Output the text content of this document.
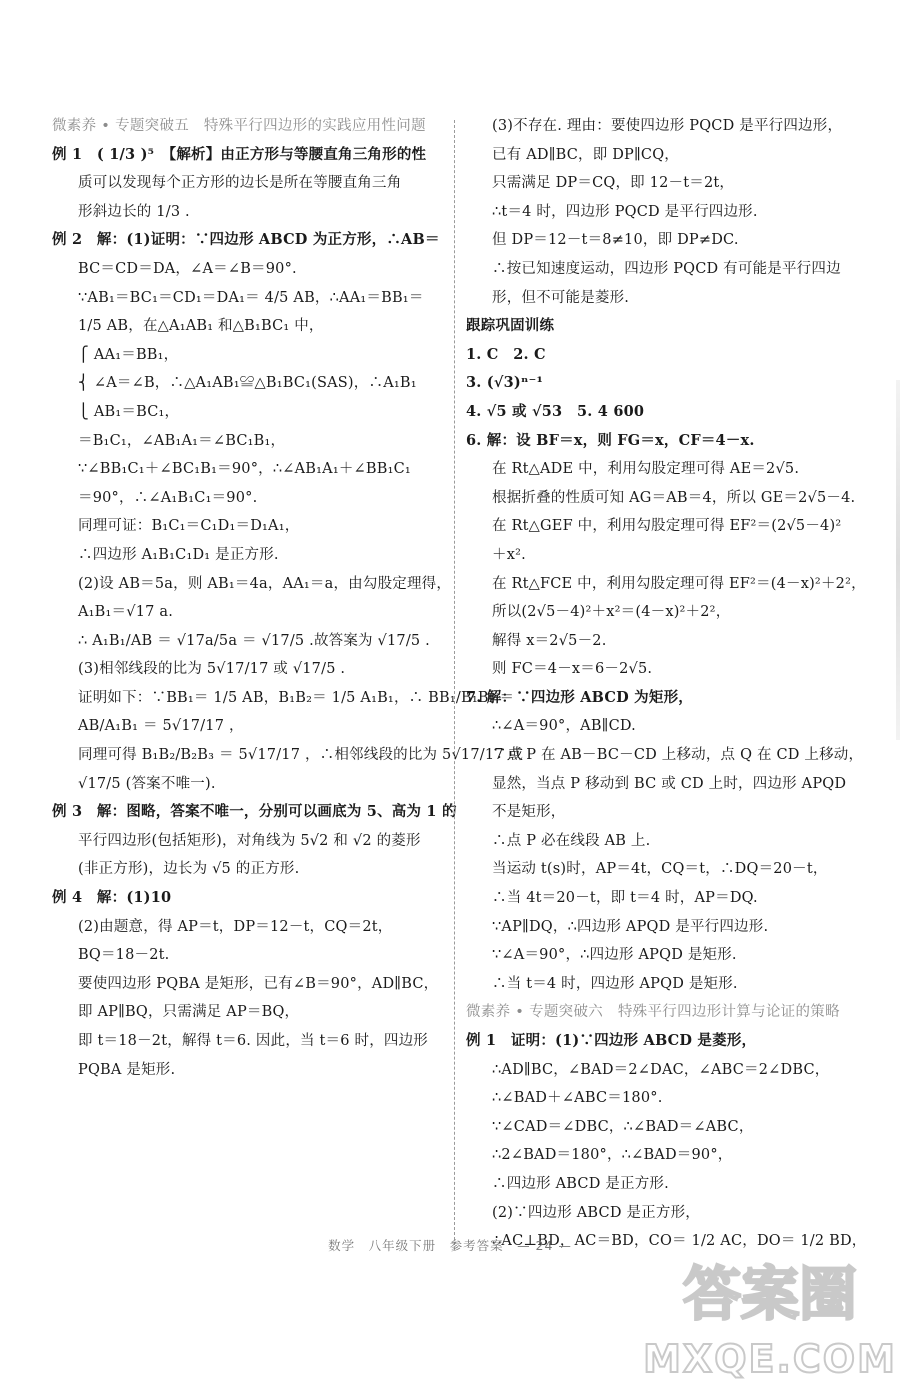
微素养 • 专题突破五　特殊平行四边形的实践应用性问题
例 1　( 1/3 )⁵　【解析】由正方形与等腰直角三角形的性
质可以发现每个正方形的边长是所在等腰直角三角
形斜边长的 1/3 .
例 2　解：(1)证明：∵四边形 ABCD 为正方形，∴AB＝
BC＝CD＝DA，∠A＝∠B＝90°.
∵AB₁＝BC₁＝CD₁＝DA₁＝ 4/5 AB，∴AA₁＝BB₁＝
1/5 AB，在△A₁AB₁ 和△B₁BC₁ 中，
⎧ AA₁＝BB₁，
⎨ ∠A＝∠B，∴△A₁AB₁≌△B₁BC₁(SAS)，∴A₁B₁
⎩ AB₁＝BC₁，
＝B₁C₁，∠AB₁A₁＝∠BC₁B₁，
∵∠BB₁C₁＋∠BC₁B₁＝90°，∴∠AB₁A₁＋∠BB₁C₁
＝90°，∴∠A₁B₁C₁＝90°.
同理可证：B₁C₁＝C₁D₁＝D₁A₁，
∴四边形 A₁B₁C₁D₁ 是正方形.
(2)设 AB＝5a，则 AB₁＝4a，AA₁＝a，由勾股定理得，
A₁B₁＝√17 a.
∴ A₁B₁/AB ＝ √17a/5a ＝ √17/5 .故答案为 √17/5 .
(3)相邻线段的比为 5√17/17 或 √17/5 .
证明如下：∵BB₁＝ 1/5 AB，B₁B₂＝ 1/5 A₁B₁，∴ BB₁/B₁B₂ ＝
AB/A₁B₁ ＝ 5√17/17 ，
同理可得 B₁B₂/B₂B₃ ＝ 5√17/17 ，∴相邻线段的比为 5√17/17 或
√17/5 (答案不唯一).
例 3　解：图略，答案不唯一，分别可以画底为 5、高为 1 的
平行四边形(包括矩形)，对角线为 5√2 和 √2 的菱形
(非正方形)，边长为 √5 的正方形.
例 4　解：(1)10
(2)由题意，得 AP＝t，DP＝12－t，CQ＝2t，
BQ＝18－2t.
要使四边形 PQBA 是矩形，已有∠B＝90°，AD∥BC，
即 AP∥BQ，只需满足 AP＝BQ，
即 t＝18－2t，解得 t＝6. 因此，当 t＝6 时，四边形
PQBA 是矩形.
(3)不存在. 理由：要使四边形 PQCD 是平行四边形，
已有 AD∥BC，即 DP∥CQ，
只需满足 DP＝CQ，即 12－t＝2t，
∴t＝4 时，四边形 PQCD 是平行四边形.
但 DP＝12－t＝8≠10，即 DP≠DC.
∴按已知速度运动，四边形 PQCD 有可能是平行四边
形，但不可能是菱形.
跟踪巩固训练
1. C　2. C
3. (√3)ⁿ⁻¹
4. √5 或 √53　5. 4 600
6. 解：设 BF＝x，则 FG＝x，CF＝4－x.
在 Rt△ADE 中，利用勾股定理可得 AE＝2√5.
根据折叠的性质可知 AG＝AB＝4，所以 GE＝2√5－4.
在 Rt△GEF 中，利用勾股定理可得 EF²＝(2√5－4)²
＋x².
在 Rt△FCE 中，利用勾股定理可得 EF²＝(4－x)²＋2²，
所以(2√5－4)²＋x²＝(4－x)²＋2²，
解得 x＝2√5－2.
则 FC＝4－x＝6－2√5.
7. 解：∵四边形 ABCD 为矩形，
∴∠A＝90°，AB∥CD.
∵点 P 在 AB－BC－CD 上移动，点 Q 在 CD 上移动，
显然，当点 P 移动到 BC 或 CD 上时，四边形 APQD
不是矩形，
∴点 P 必在线段 AB 上.
当运动 t(s)时，AP＝4t，CQ＝t，∴DQ＝20－t，
∴当 4t＝20－t，即 t＝4 时，AP＝DQ.
∵AP∥DQ，∴四边形 APQD 是平行四边形.
∵∠A＝90°，∴四边形 APQD 是矩形.
∴当 t＝4 时，四边形 APQD 是矩形.
微素养 • 专题突破六　特殊平行四边形计算与论证的策略
例 1　证明：(1)∵四边形 ABCD 是菱形，
∴AD∥BC，∠BAD＝2∠DAC，∠ABC＝2∠DBC，
∴∠BAD＋∠ABC＝180°.
∵∠CAD＝∠DBC，∴∠BAD＝∠ABC，
∴2∠BAD＝180°，∴∠BAD＝90°，
∴四边形 ABCD 是正方形.
(2)∵四边形 ABCD 是正方形，
∴AC⊥BD，AC＝BD，CO＝ 1/2 AC，DO＝ 1/2 BD，
数学　八年级下册　参考答案　— 24 —
答案圈
MXQE.COM
